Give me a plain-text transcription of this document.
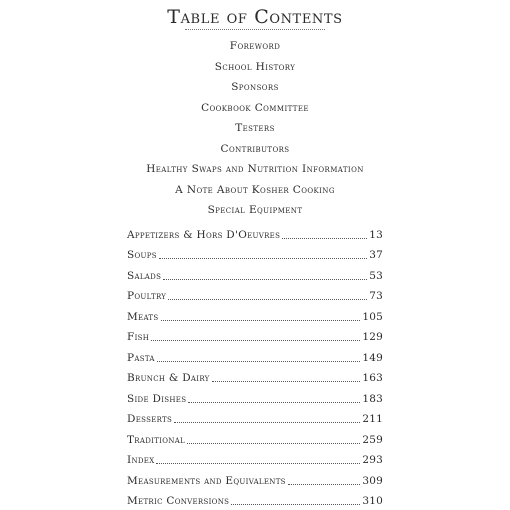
Table of Contents
Foreword
School History
Sponsors
Cookbook Committee
Testers
Contributors
Healthy Swaps and Nutrition Information
A Note About Kosher Cooking
Special Equipment
Appetizers & Hors D'Oeuvres	13
Soups	37
Salads	53
Poultry	73
Meats	105
Fish	129
Pasta	149
Brunch & Dairy	163
Side Dishes	183
Desserts	211
Traditional	259
Index	293
Measurements and Equivalents	309
Metric Conversions	310
